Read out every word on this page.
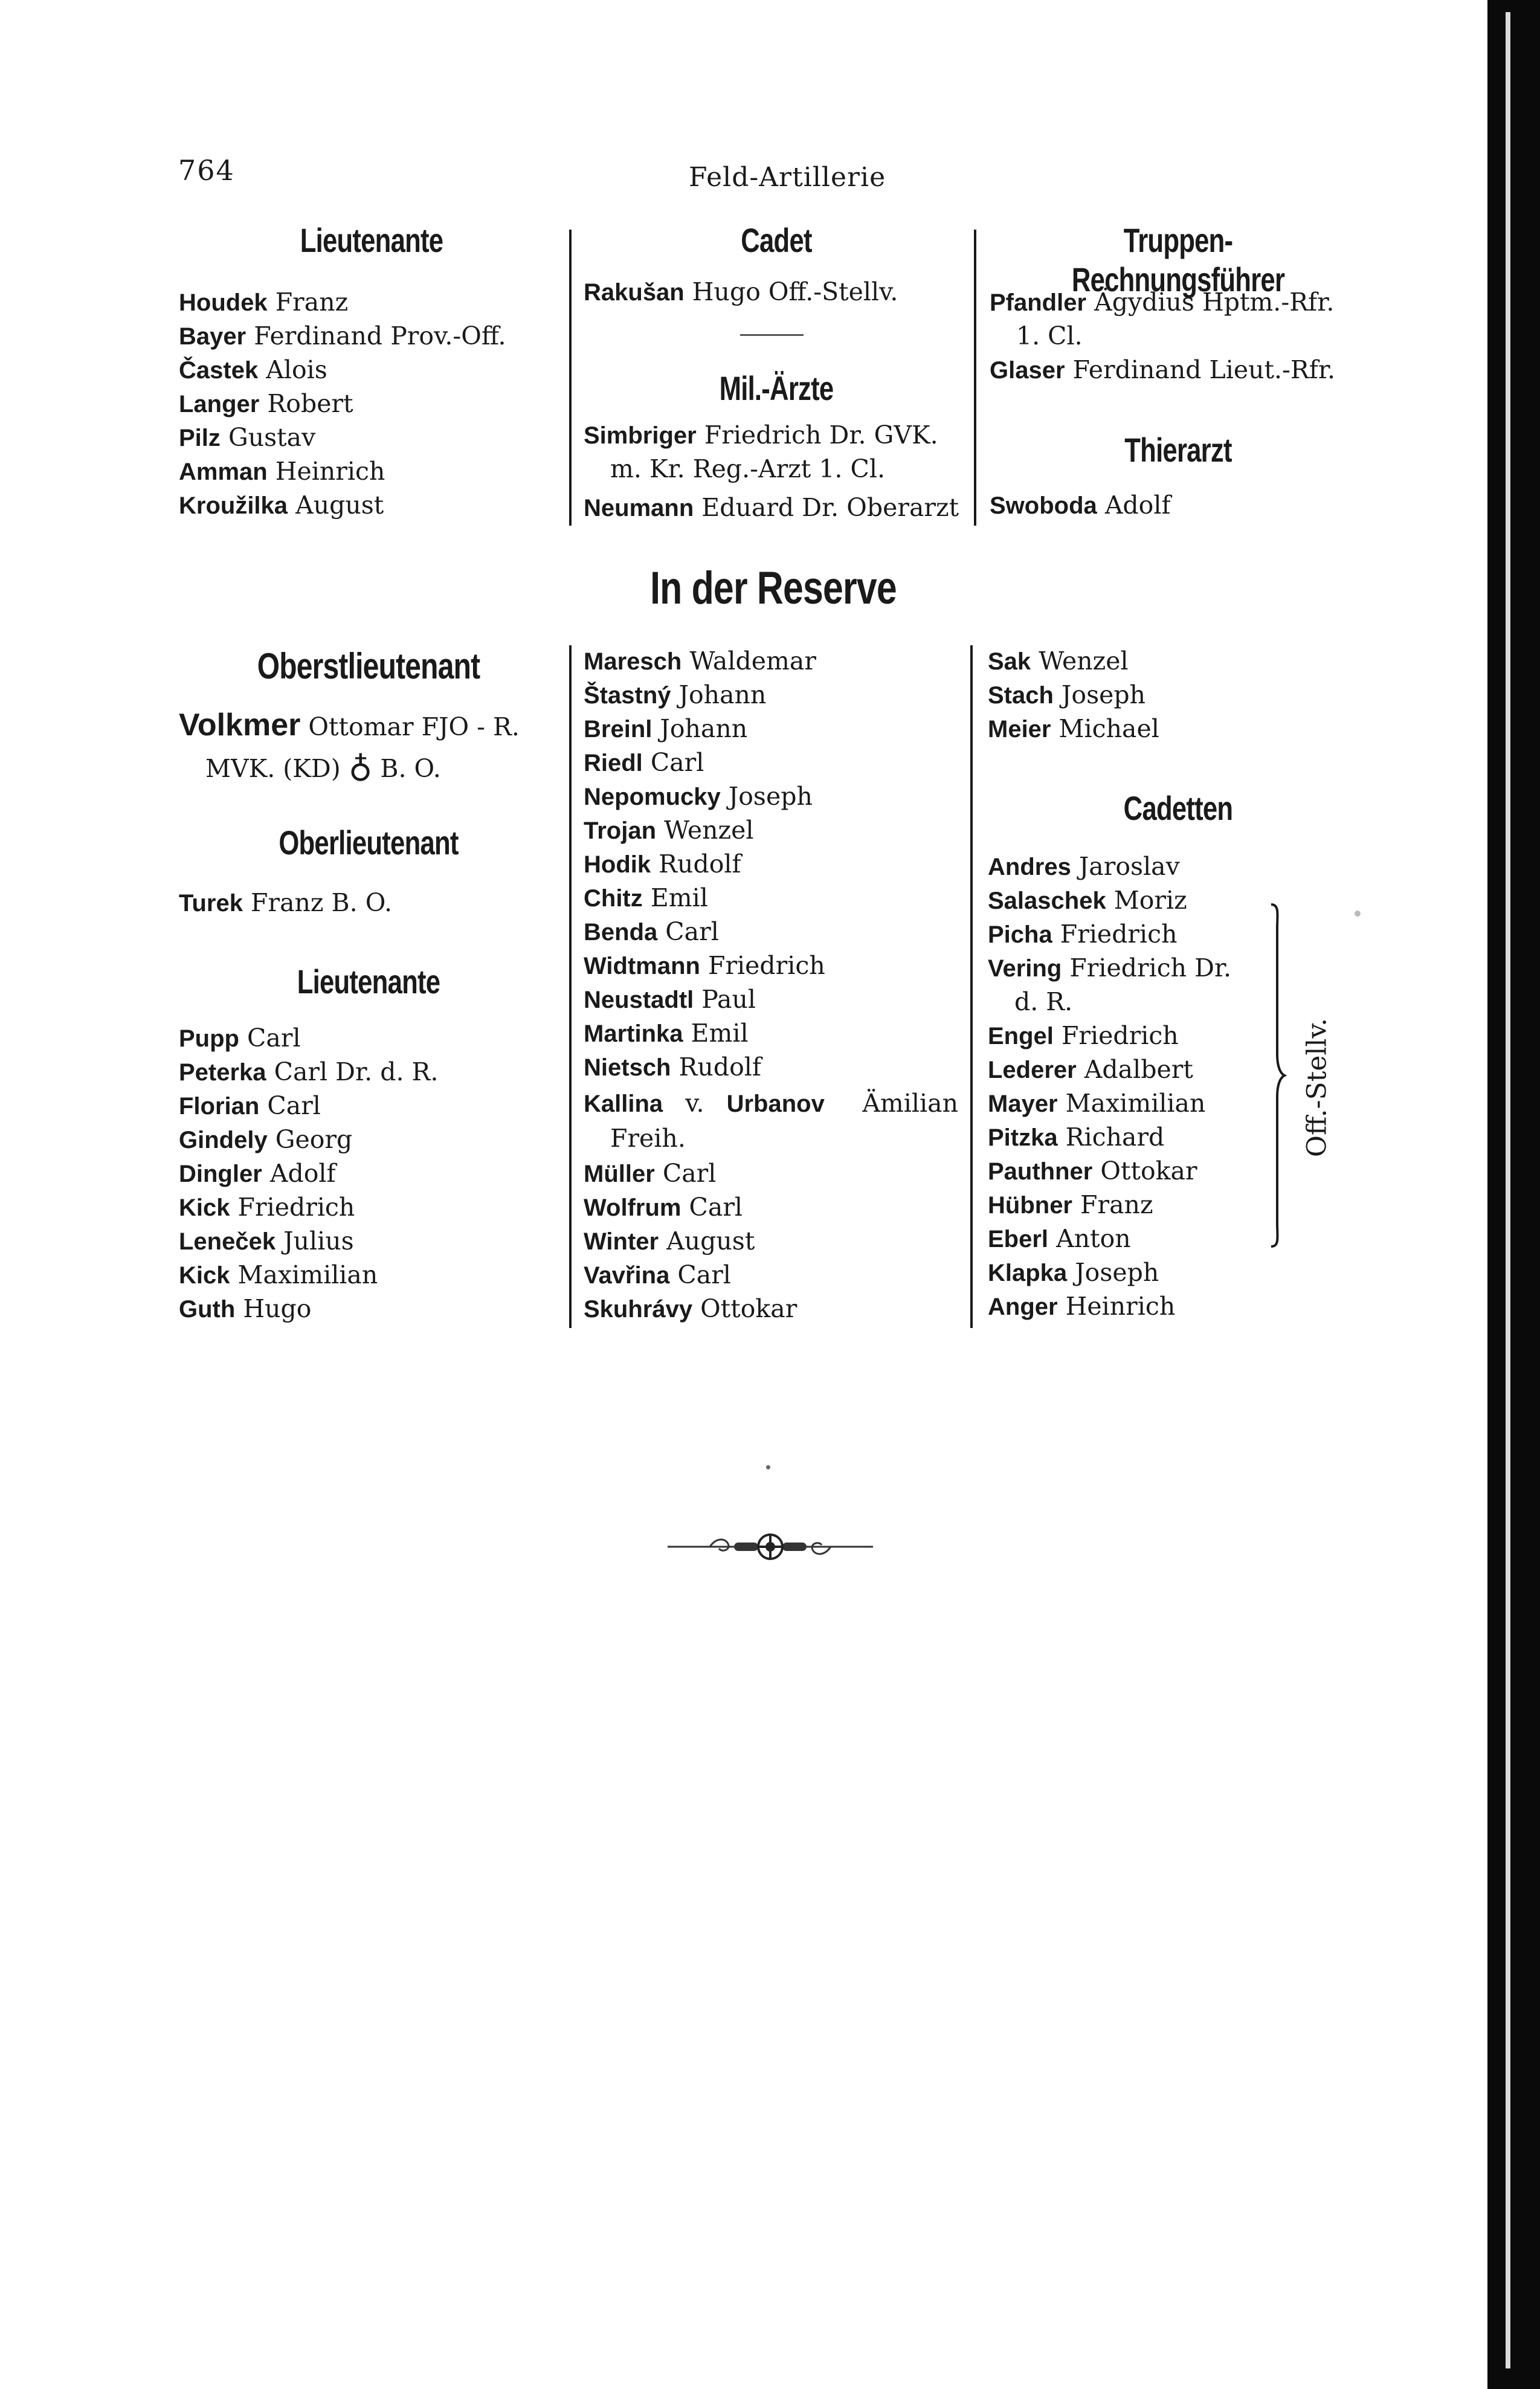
764	Feld-Artillerie
Lieutenante
Houdek Franz
Bayer Ferdinand Prov.-Off.
Častek Alois
Langer Robert
Pilz Gustav
Amman Heinrich
Kroužilka August
Cadet
Rakušan Hugo Off.-Stellv.
Mil.-Ärzte
Simbriger Friedrich Dr. GVK.
m. Kr. Reg.-Arzt 1. Cl.
Neumann Eduard Dr. Oberarzt
Truppen-Rechnungsführer
Pfandler Ägydius Hptm.-Rfr.
1. Cl.
Glaser Ferdinand Lieut.-Rfr.
Thierarzt
Swoboda Adolf
In der Reserve
Oberstlieutenant
Volkmer Ottomar FJO - R.
MVK. (KD) ♁ B. O.
Oberlieutenant
Turek Franz B. O.
Lieutenante
Pupp Carl
Peterka Carl Dr. d. R.
Florian Carl
Gindely Georg
Dingler Adolf
Kick Friedrich
Leneček Julius
Kick Maximilian
Guth Hugo
Maresch Waldemar
Štastný Johann
Breinl Johann
Riedl Carl
Nepomucky Joseph
Trojan Wenzel
Hodik Rudolf
Chitz Emil
Benda Carl
Widtmann Friedrich
Neustadtl Paul
Martinka Emil
Nietsch Rudolf
Kallina v. Urbanov Ämilian
Freih.
Müller Carl
Wolfrum Carl
Winter August
Vavřina Carl
Skuhrávy Ottokar
Sak Wenzel
Stach Joseph
Meier Michael
Cadetten
Andres Jaroslav
Salaschek Moriz
Picha Friedrich
Vering Friedrich Dr.
d. R.
Engel Friedrich
Lederer Adalbert
Mayer Maximilian
Pitzka Richard
Pauthner Ottokar
Hübner Franz
Eberl Anton
Klapka Joseph
Anger Heinrich
Off.-Stellv.
